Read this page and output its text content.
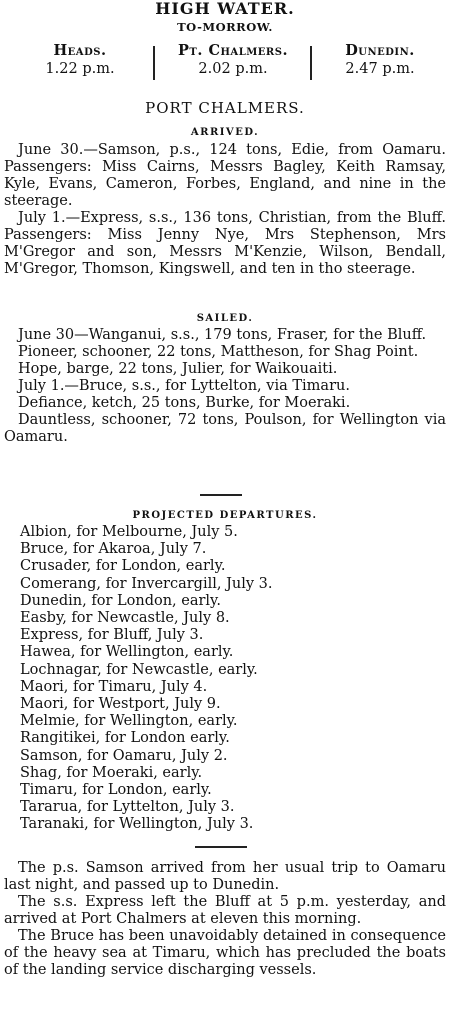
HIGH WATER.
TO-MORROW.
Heads.
1.22 p.m.
Pt. Chalmers.
2.02 p.m.
Dunedin.
2.47 p.m.
PORT CHALMERS.
ARRIVED.

June 30.—Samson, p.s., 124 tons, Edie, from Oamaru. Passengers: Miss Cairns, Messrs Bagley, Keith Ramsay, Kyle, Evans, Cameron, Forbes, England, and nine in the steerage.

July 1.—Express, s.s., 136 tons, Christian, from the Bluff. Passengers: Miss Jenny Nye, Mrs Stephenson, Mrs M'Gregor and son, Messrs M'Kenzie, Wilson, Bendall, M'Gregor, Thomson, Kingswell, and ten in tho steerage.

SAILED.

June 30—Wanganui, s.s., 179 tons, Fraser, for the Bluff.

Pioneer, schooner, 22 tons, Mattheson, for Shag Point.

Hope, barge, 22 tons, Julier, for Waikouaiti.

July 1.—Bruce, s.s., for Lyttelton, via Timaru.

Defiance, ketch, 25 tons, Burke, for Moeraki.

Dauntless, schooner, 72 tons, Poulson, for Wellington via Oamaru.

PROJECTED DEPARTURES.
Albion, for Melbourne, July 5.
Bruce, for Akaroa, July 7.
Crusader, for London, early.
Comerang, for Invercargill, July 3.
Dunedin, for London, early.
Easby, for Newcastle, July 8.
Express, for Bluff, July 3.
Hawea, for Wellington, early.
Lochnagar, for Newcastle, early.
Maori, for Timaru, July 4.
Maori, for Westport, July 9.
Melmie, for Wellington, early.
Rangitikei, for London early.
Samson, for Oamaru, July 2.
Shag, for Moeraki, early.
Timaru, for London, early.
Tararua, for Lyttelton, July 3.
Taranaki, for Wellington, July 3.

The p.s. Samson arrived from her usual trip to Oamaru last night, and passed up to Dunedin.

The s.s. Express left the Bluff at 5 p.m. yesterday, and arrived at Port Chalmers at eleven this morning.

The Bruce has been unavoidably detained in consequence of the heavy sea at Timaru, which has precluded the boats of the landing service discharging vessels.
